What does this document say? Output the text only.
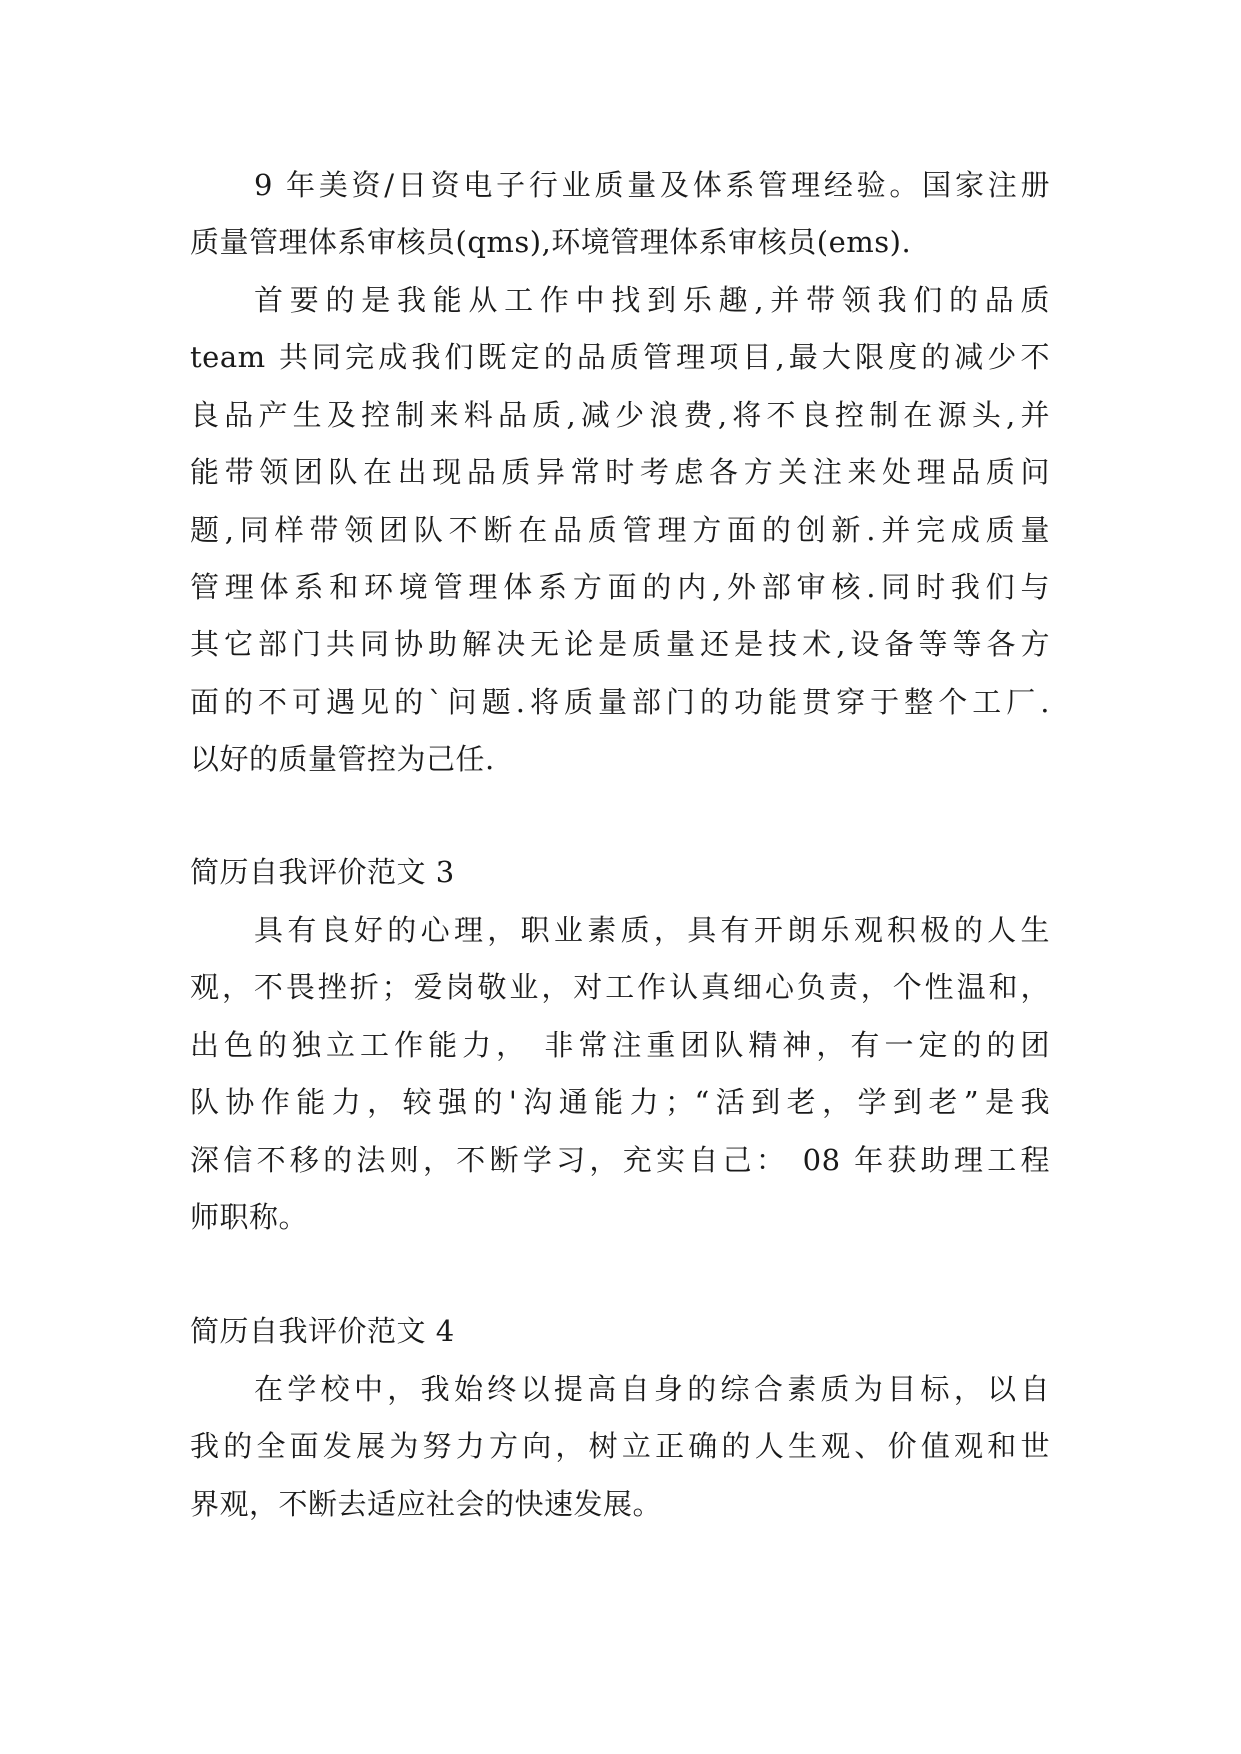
9 年美资/日资电子行业质量及体系管理经验。国家注册
质量管理体系审核员(qms),环境管理体系审核员(ems).
首要的是我能从工作中找到乐趣,并带领我们的品质
team 共同完成我们既定的品质管理项目,最大限度的减少不
良品产生及控制来料品质,减少浪费,将不良控制在源头,并
能带领团队在出现品质异常时考虑各方关注来处理品质问
题,同样带领团队不断在品质管理方面的创新.并完成质量
管理体系和环境管理体系方面的内,外部审核.同时我们与
其它部门共同协助解决无论是质量还是技术,设备等等各方
面的不可遇见的`问题.将质量部门的功能贯穿于整个工厂.
以好的质量管控为己任.
简历自我评价范文 3
具有良好的心理，职业素质，具有开朗乐观积极的人生
观，不畏挫折；爱岗敬业，对工作认真细心负责，个性温和，
出色的独立工作能力， 非常注重团队精神，有一定的的团
队协作能力，较强的'沟通能力；“活到老，学到老”是我
深信不移的法则，不断学习，充实自己： 08 年获助理工程
师职称。
简历自我评价范文 4
在学校中，我始终以提高自身的综合素质为目标，以自
我的全面发展为努力方向，树立正确的人生观、价值观和世
界观，不断去适应社会的快速发展。
